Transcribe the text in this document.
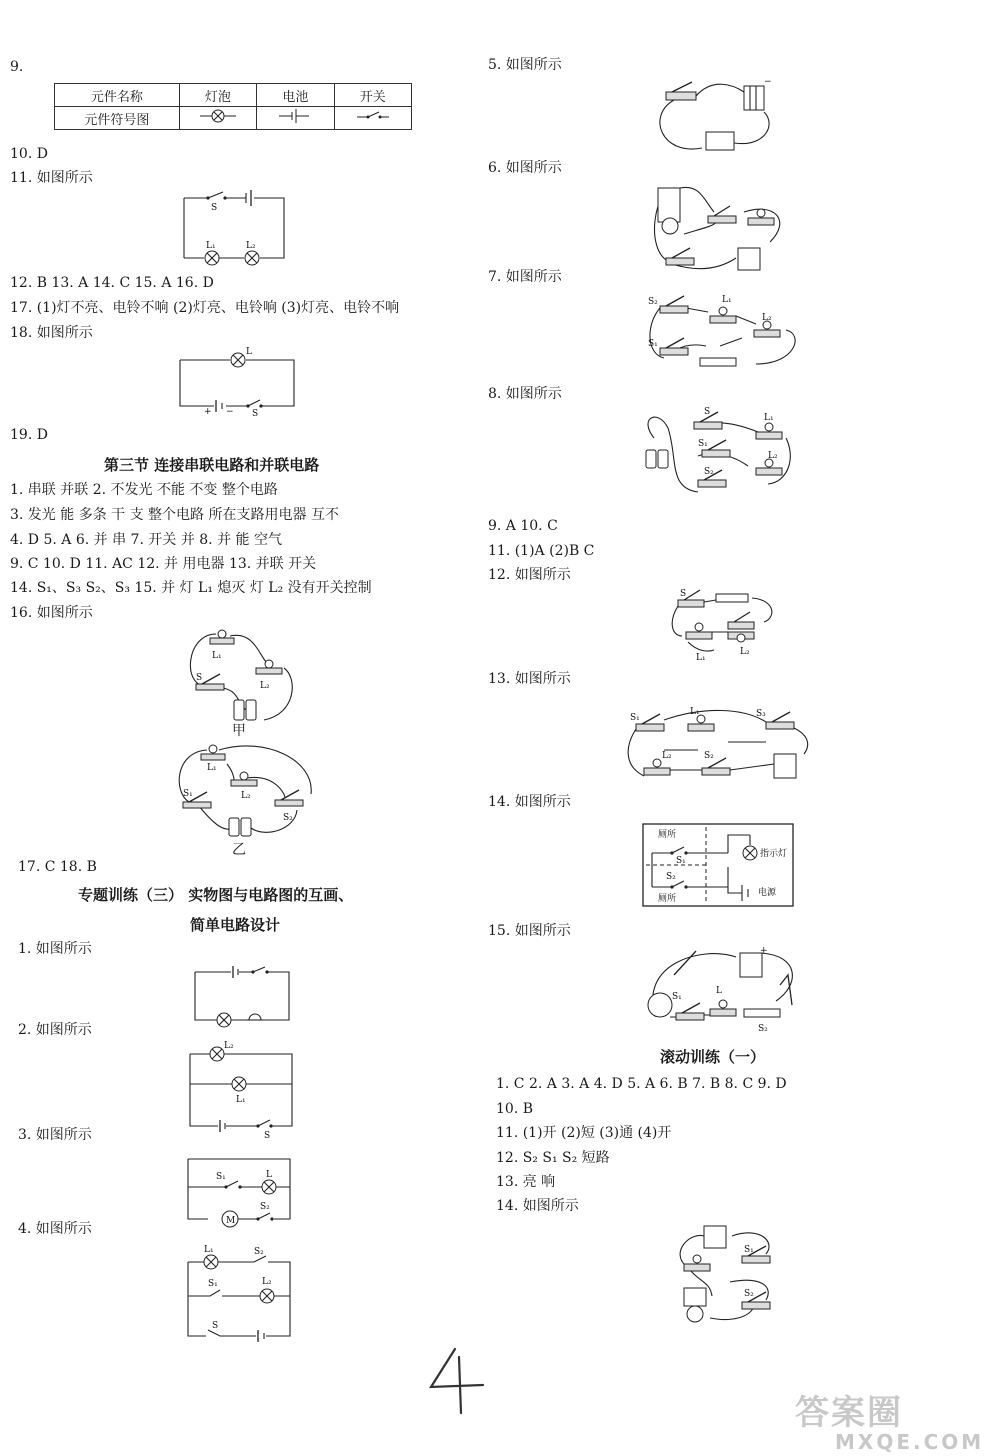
9.
元件名称	灯泡	电池	开关
元件符号图			
10. D
11. 如图所示
S
L₁	L₂
12. B 13. A 14. C 15. A 16. D
17. (1)灯不亮、电铃不响 (2)灯亮、电铃响 (3)灯亮、电铃不响
18. 如图所示
L
+ − S
19. D
第三节 连接串联电路和并联电路
1. 串联 并联 2. 不发光 不能 不变 整个电路
3. 发光 能 多条 干 支 整个电路 所在支路用电器 互不
4. D 5. A 6. 并 串 7. 开关 并 8. 并 能 空气
9. C 10. D 11. AC 12. 并 用电器 13. 并联 开关
14. S₁、S₃ S₂、S₃ 15. 并 灯 L₁ 熄灭 灯 L₂ 没有开关控制
16. 如图所示
L₁
L₂
S
甲
L₁
L₂
S₁
S₂
乙
17. C 18. B
专题训练（三） 实物图与电路图的互画、
简单电路设计
1. 如图所示
2. 如图所示
L₂
L₁
S
3. 如图所示
M
S₁	L
S₂
4. 如图所示
L₁	S₂
S₁	L₂
S
5. 如图所示
−
6. 如图所示
7. 如图所示
S₂	L₁
L₂
S₁
8. 如图所示
S
S₁
S₂
L₁
L₂
9. A 10. C
11. (1)A (2)B C
12. 如图所示
S
L₁
L₂
13. 如图所示
S₁
L₁	S₃
L₂	S₂
14. 如图所示
厕所
厕所
指示灯
电源
S₁
S₂
15. 如图所示
S₁
L
S₂
+
滚动训练（一）
1. C 2. A 3. A 4. D 5. A 6. B 7. B 8. C 9. D
10. B
11. (1)开 (2)短 (3)通 (4)开
12. S₂ S₁ S₂ 短路
13. 亮 响
14. 如图所示
S₁
S₂
答案圈
MXQE.COM
